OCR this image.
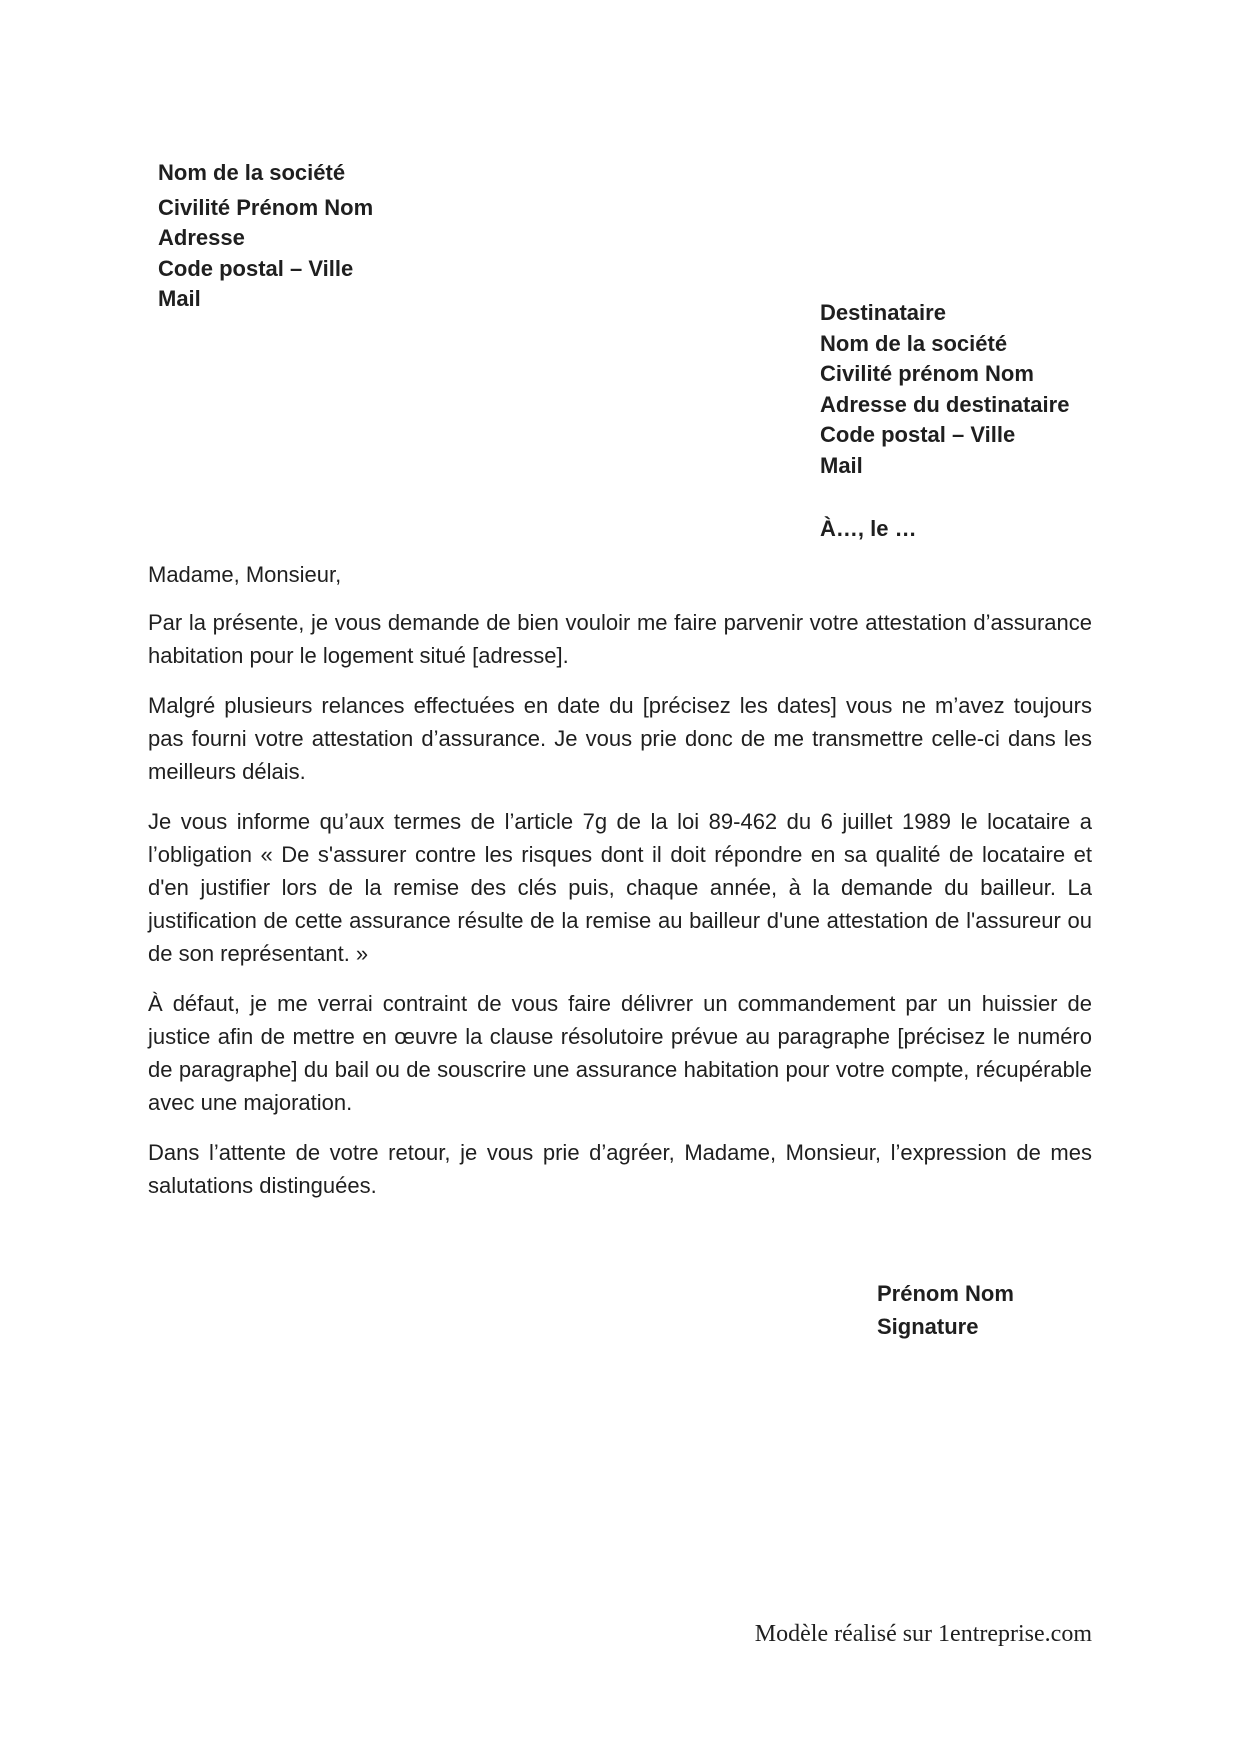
Nom de la société
Civilité Prénom Nom
Adresse
Code postal – Ville
Mail
Destinataire
Nom de la société
Civilité prénom Nom
Adresse du destinataire
Code postal – Ville
Mail
À…, le …
Madame, Monsieur,

Par la présente, je vous demande de bien vouloir me faire parvenir votre attestation d’assurance habitation pour le logement situé [adresse].

Malgré plusieurs relances effectuées en date du [précisez les dates] vous ne m’avez toujours pas fourni votre attestation d’assurance. Je vous prie donc de me transmettre celle-ci dans les meilleurs délais.

Je vous informe qu’aux termes de l’article 7g de la loi 89-462 du 6 juillet 1989 le locataire a l’obligation « De s'assurer contre les risques dont il doit répondre en sa qualité de locataire et d'en justifier lors de la remise des clés puis, chaque année, à la demande du bailleur. La justification de cette assurance résulte de la remise au bailleur d'une attestation de l'assureur ou de son représentant. »

À défaut, je me verrai contraint de vous faire délivrer un commandement par un huissier de justice afin de mettre en œuvre la clause résolutoire prévue au paragraphe [précisez le numéro de paragraphe] du bail ou de souscrire une assurance habitation pour votre compte, récupérable avec une majoration.

Dans l’attente de votre retour, je vous prie d’agréer, Madame, Monsieur, l’expression de mes salutations distinguées.

Prénom Nom
Signature
Modèle réalisé sur 1entreprise.com
